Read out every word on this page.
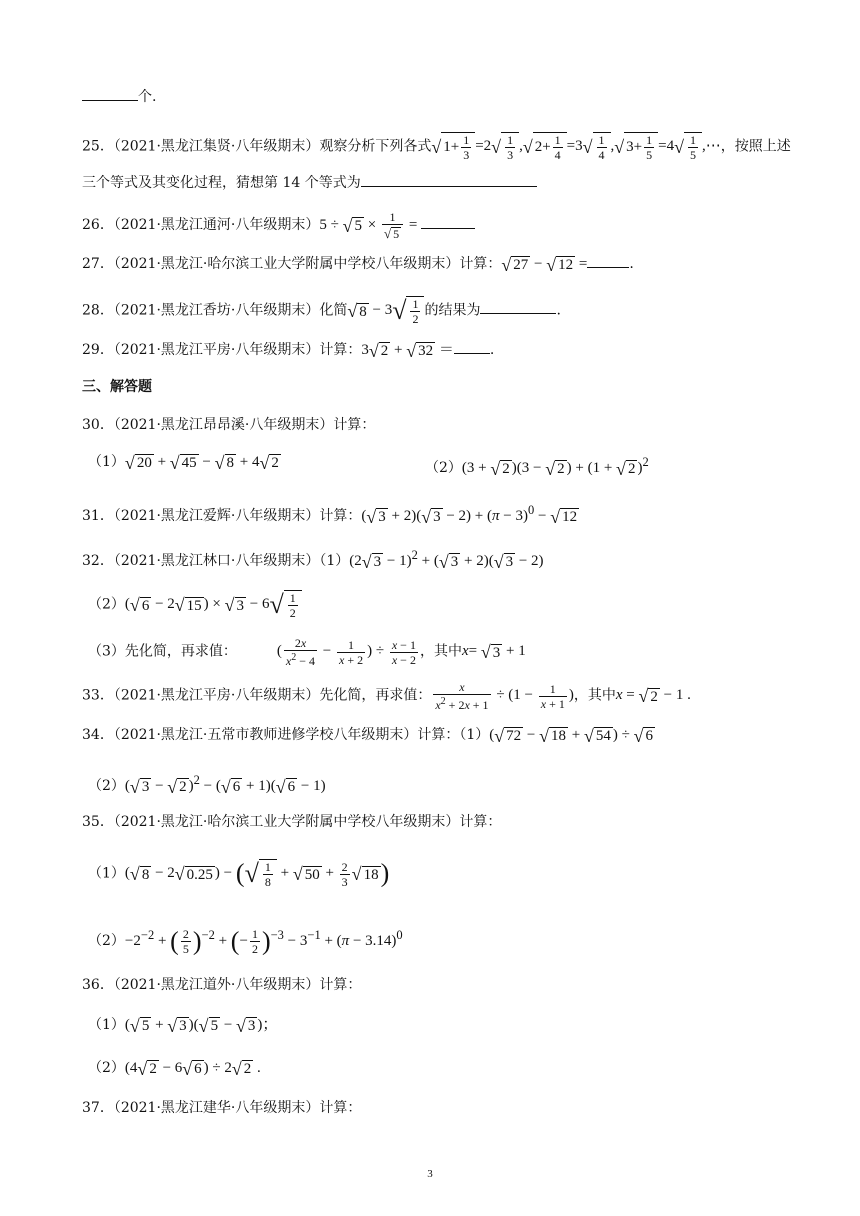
个.
25．（2021·黑龙江集贤·八年级期末）观察分析下列各式√ $1+ \frac{1}{3} =2√ \frac{1}{3}$ ,√ $2+ \frac{1}{4} =3√ \frac{1}{4}$ ,√ $3+ \frac{1}{5} =4√ \frac{1}{5}$ ,⋯，按照上述
三个等式及其变化过程，猜想第 14 个等式为
26．（2021·黑龙江通河·八年级期末）5 ÷ √ $5 \times \frac{1}{√ 5}$ =
27．（2021·黑龙江·哈尔滨工业大学附属中学校八年级期末）计算：√ 27 − √ 12 =	.
28．（2021·黑龙江香坊·八年级期末）化简√ $8 - 3√ \frac{1}{2}$ 的结果为	.
29．（2021·黑龙江平房·八年级期末）计算：3√ 2 + √ 32 ＝	.
三、解答题
30．（2021·黑龙江昂昂溪·八年级期末）计算：
（1）√ 20 + √ 45 − √ 8 + 4√ 2	（2）(3 + √ 2 )(3 − √ 2 ) + (1 + √ 2 )$^2$
31．（2021·黑龙江爱辉·八年级期末）计算：(√ 3 + 2)(√ $3 - 2) + (\pi - 3)^0$ − √ 12
32．（2021·黑龙江林口·八年级期末）（1）(2√ 3 − 1)$^2$ + (√ 3 + 2)(√ 3 − 2)
（2）(√ 6 − 2√ 15 ) × √ $3 - 6√ \frac{1}{2}$
（3）先化简，再求值：	( $\frac{2x}{x^2 - 4} - \frac{1}{x + 2}$ ) ÷ $\frac{x - 1}{x - 2}$ ，其中x= √ 3 + 1
33．（2021·黑龙江平房·八年级期末）先化简，再求值： $\frac{x}{x^2 + 2x + 1} \div (1 - \frac{1}{x + 1}$ )，其中x = √ 2 − 1 .
34．（2021·黑龙江·五常市教师进修学校八年级期末）计算：（1）(√ 72 − √ 18 + √ 54 ) ÷ √ 6
（2）(√ 3 − √ 2 )$^2$ − (√ 6 + 1)(√ 6 − 1)
35．（2021·黑龙江·哈尔滨工业大学附属中学校八年级期末）计算：
（1）(√ 8 − 2√ 0.25 ) − (√ $\frac{1}{8}$ + √ $50 + \frac{2}{3}$ √ 18)
$(2)-2^{-2}$ + ( $\frac{2}{5} )^{-2}$ + (− $\frac{1}{2} )^{-3} - 3^{-1} + (\pi - 3.14)^0$
36．（2021·黑龙江道外·八年级期末）计算：
（1）(√ 5 + √ 3 )(√ 5 − √ 3 )；
（2）(4√ 2 − 6√ 6 ) ÷ 2√ 2 .
37．（2021·黑龙江建华·八年级期末）计算：
3
